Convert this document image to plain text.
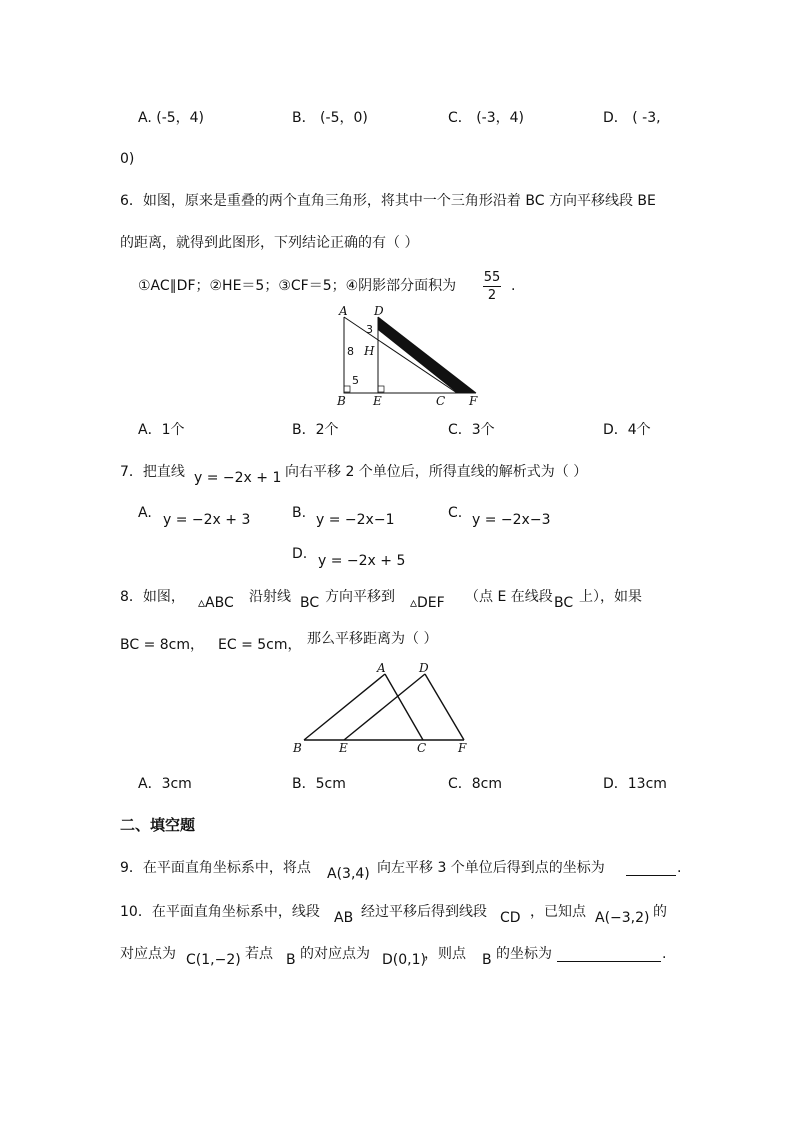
A. (-5，4)	B． (-5，0)	C． (-3，4)	D． ( -3,
0)
6．如图，原来是重叠的两个直角三角形，将其中一个三角形沿着 BC 方向平移线段 BE
的距离，就得到此图形，下列结论正确的有（ ）
①AC∥DF；②HE＝5；③CF＝5；④阴影部分面积为
55
2
.
A D
H
3
8
5
B E	C F
A．1个	B．2个	C．3个	D．4个
7．把直线 y = −2x + 1 向右平移 2 个单位后，所得直线的解析式为（ ）
A. y = −2x + 3	B. y = −2x−1	C. y = −2x−3
D. y = −2x + 5
8．如图， ▵ABC 沿射线 BC 方向平移到 ▵DEF （点 E 在线段 BC 上），如果
BC = 8cm， EC = 5cm， 那么平移距离为（ ）
A	D
B	E	C	F
A．3cm	B．5cm	C．8cm	D．13cm
二、填空题
9．在平面直角坐标系中，将点 A(3,4) 向左平移 3 个单位后得到点的坐标为	.
10．在平面直角坐标系中，线段 AB 经过平移后得到线段 CD ，已知点 A(−3,2) 的
对应点为 C(1,−2) 若点 B 的对应点为 D(0,1)
，则点 B 的坐标为	.
